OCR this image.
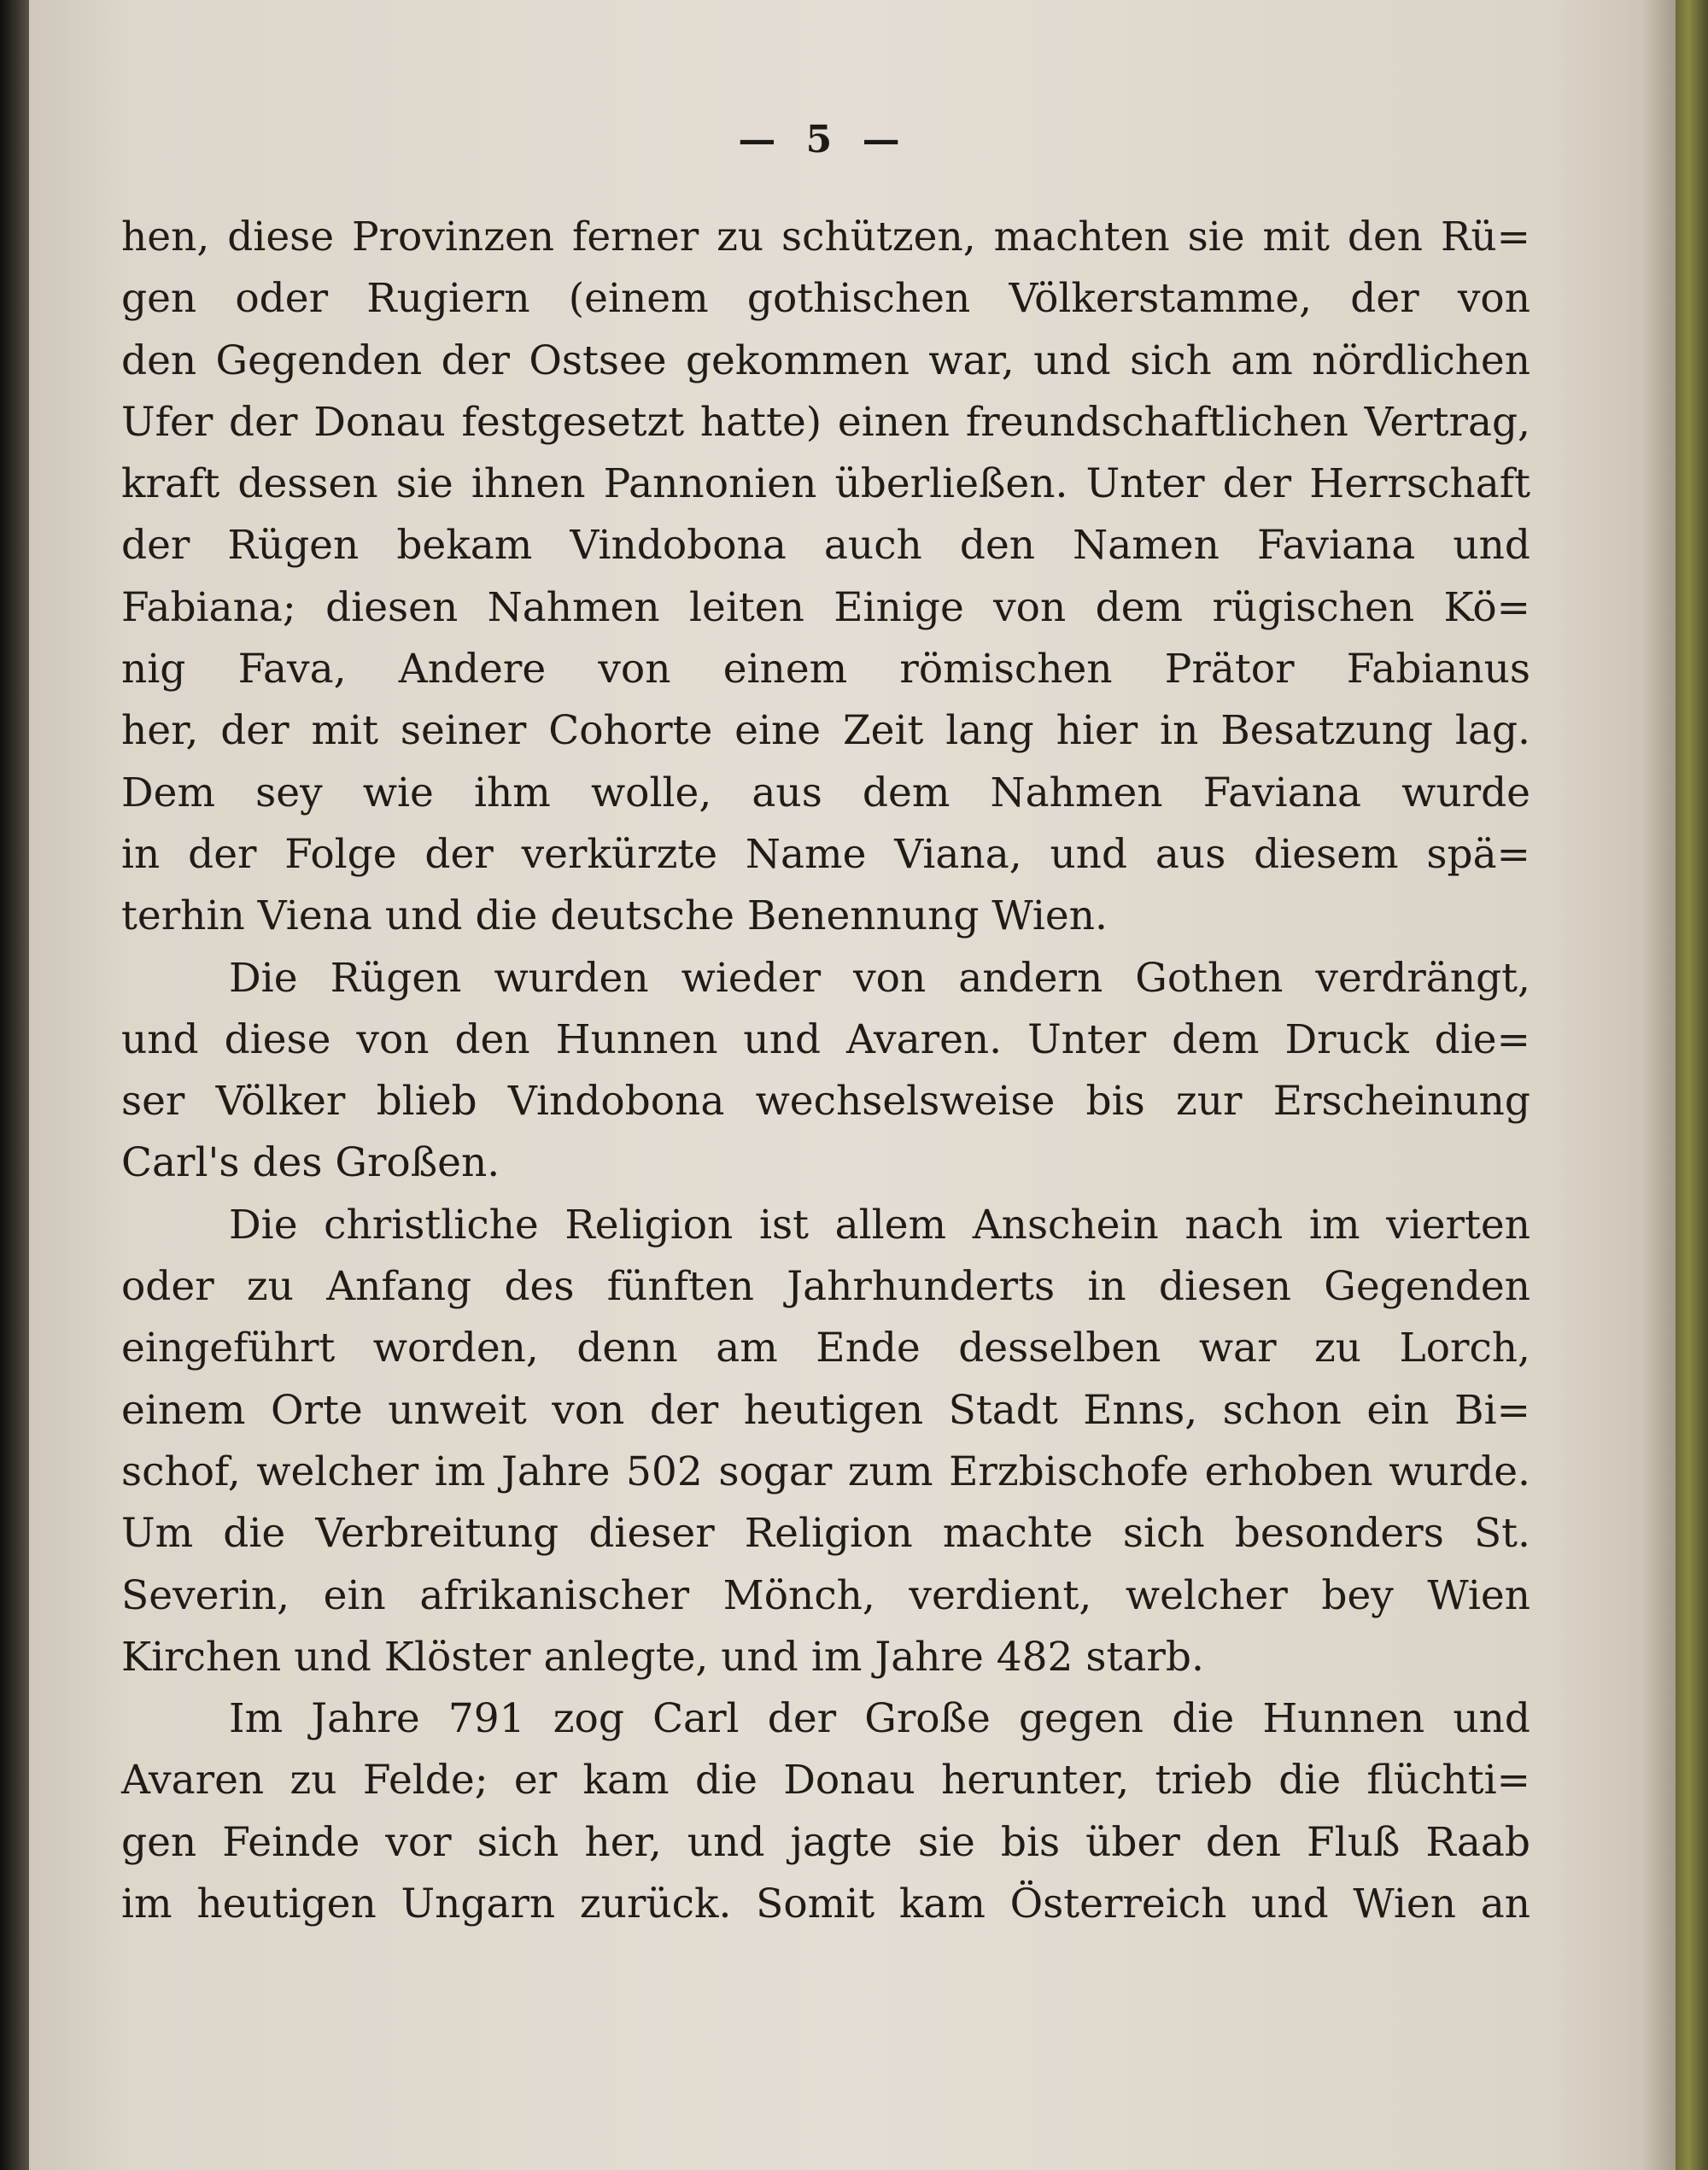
— 5 —
hen, diese Provinzen ferner zu schützen, machten sie mit den Rü=
gen oder Rugiern (einem gothischen Völkerstamme, der von
den Gegenden der Ostsee gekommen war, und sich am nördlichen
Ufer der Donau festgesetzt hatte) einen freundschaftlichen Vertrag,
kraft dessen sie ihnen Pannonien überließen. Unter der Herrschaft
der Rügen bekam Vindobona auch den Namen Faviana und
Fabiana; diesen Nahmen leiten Einige von dem rügischen Kö=
nig Fava, Andere von einem römischen Prätor Fabianus
her, der mit seiner Cohorte eine Zeit lang hier in Besatzung lag.
Dem sey wie ihm wolle, aus dem Nahmen Faviana wurde
in der Folge der verkürzte Name Viana, und aus diesem spä=
terhin Viena und die deutsche Benennung Wien.
Die Rügen wurden wieder von andern Gothen verdrängt,
und diese von den Hunnen und Avaren. Unter dem Druck die=
ser Völker blieb Vindobona wechselsweise bis zur Erscheinung
Carl's des Großen.
Die christliche Religion ist allem Anschein nach im vierten
oder zu Anfang des fünften Jahrhunderts in diesen Gegenden
eingeführt worden, denn am Ende desselben war zu Lorch,
einem Orte unweit von der heutigen Stadt Enns, schon ein Bi=
schof, welcher im Jahre 502 sogar zum Erzbischofe erhoben wurde.
Um die Verbreitung dieser Religion machte sich besonders St.
Severin, ein afrikanischer Mönch, verdient, welcher bey Wien
Kirchen und Klöster anlegte, und im Jahre 482 starb.
Im Jahre 791 zog Carl der Große gegen die Hunnen und
Avaren zu Felde; er kam die Donau herunter, trieb die flüchti=
gen Feinde vor sich her, und jagte sie bis über den Fluß Raab
im heutigen Ungarn zurück. Somit kam Österreich und Wien an
